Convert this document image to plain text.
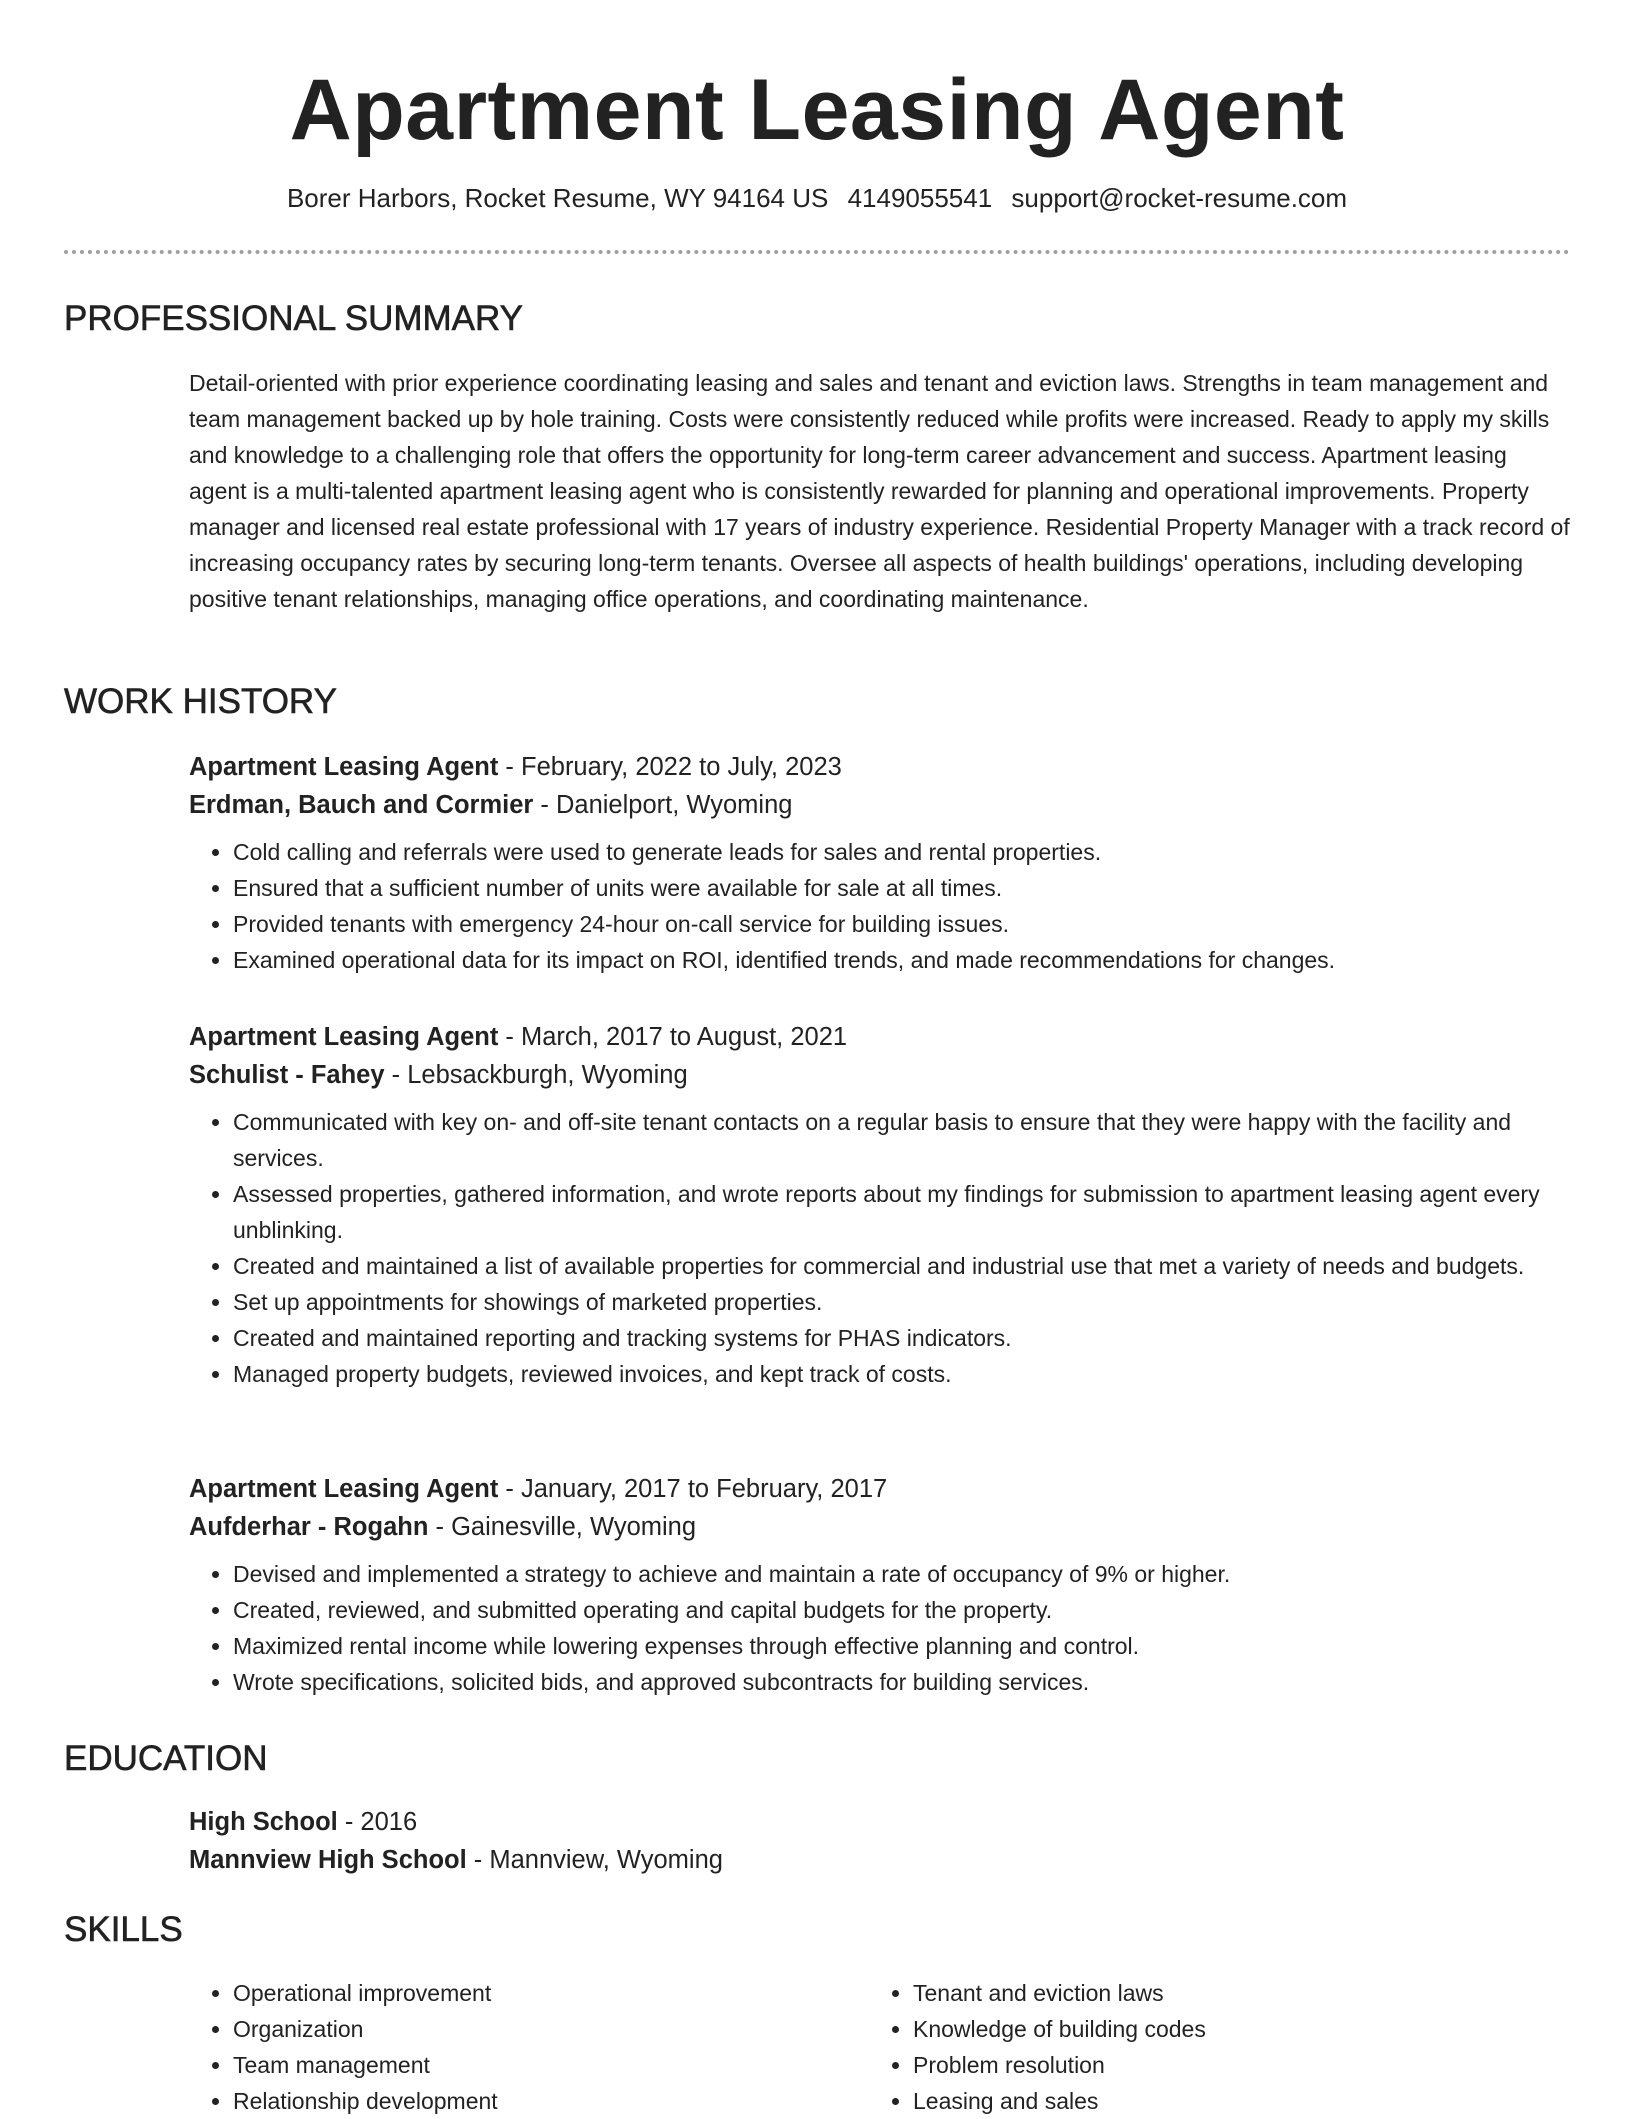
Apartment Leasing Agent
Borer Harbors, Rocket Resume, WY 94164 US 4149055541 support@rocket-resume.com
PROFESSIONAL SUMMARY

Detail-oriented with prior experience coordinating leasing and sales and tenant and eviction laws. Strengths in team management and team management backed up by hole training. Costs were consistently reduced while profits were increased. Ready to apply my skills and knowledge to a challenging role that offers the opportunity for long-term career advancement and success. Apartment leasing agent is a multi-talented apartment leasing agent who is consistently rewarded for planning and operational improvements. Property manager and licensed real estate professional with 17 years of industry experience. Residential Property Manager with a track record of increasing occupancy rates by securing long-term tenants. Oversee all aspects of health buildings' operations, including developing positive tenant relationships, managing office operations, and coordinating maintenance.

WORK HISTORY

Apartment Leasing Agent - February, 2022 to July, 2023

Erdman, Bauch and Cormier - Danielport, Wyoming

• Cold calling and referrals were used to generate leads for sales and rental properties.
• Ensured that a sufficient number of units were available for sale at all times.
• Provided tenants with emergency 24-hour on-call service for building issues.
• Examined operational data for its impact on ROI, identified trends, and made recommendations for changes.

Apartment Leasing Agent - March, 2017 to August, 2021

Schulist - Fahey - Lebsackburgh, Wyoming

• Communicated with key on- and off-site tenant contacts on a regular basis to ensure that they were happy with the facility and services.
• Assessed properties, gathered information, and wrote reports about my findings for submission to apartment leasing agent every unblinking.
• Created and maintained a list of available properties for commercial and industrial use that met a variety of needs and budgets.
• Set up appointments for showings of marketed properties.
• Created and maintained reporting and tracking systems for PHAS indicators.
• Managed property budgets, reviewed invoices, and kept track of costs.

Apartment Leasing Agent - January, 2017 to February, 2017

Aufderhar - Rogahn - Gainesville, Wyoming

• Devised and implemented a strategy to achieve and maintain a rate of occupancy of 9% or higher.
• Created, reviewed, and submitted operating and capital budgets for the property.
• Maximized rental income while lowering expenses through effective planning and control.
• Wrote specifications, solicited bids, and approved subcontracts for building services.
EDUCATION

High School - 2016

Mannview High School - Mannview, Wyoming

SKILLS
• Operational improvement
• Organization
• Team management
• Relationship development
• Tenant and eviction laws
• Knowledge of building codes
• Problem resolution
• Leasing and sales
